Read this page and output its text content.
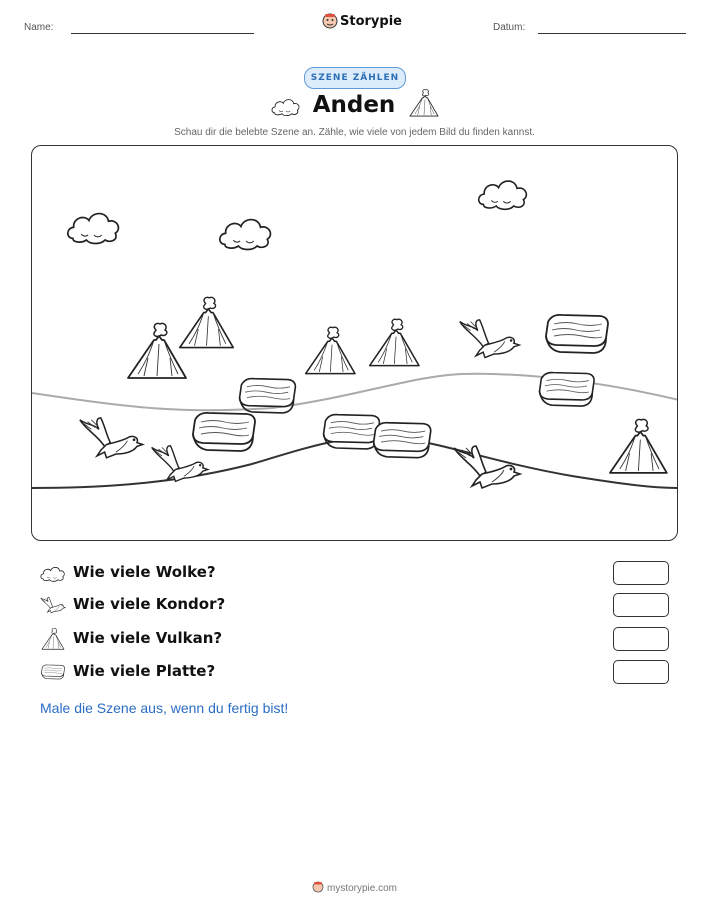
Name:	Storypie	Datum:
SZENE ZÄHLEN
Anden
Schau dir die belebte Szene an. Zähle, wie viele von jedem Bild du finden kannst.
Wie viele Wolke?
Wie viele Kondor?
Wie viele Vulkan?
Wie viele Platte?
Male die Szene aus, wenn du fertig bist!
mystorypie.com
